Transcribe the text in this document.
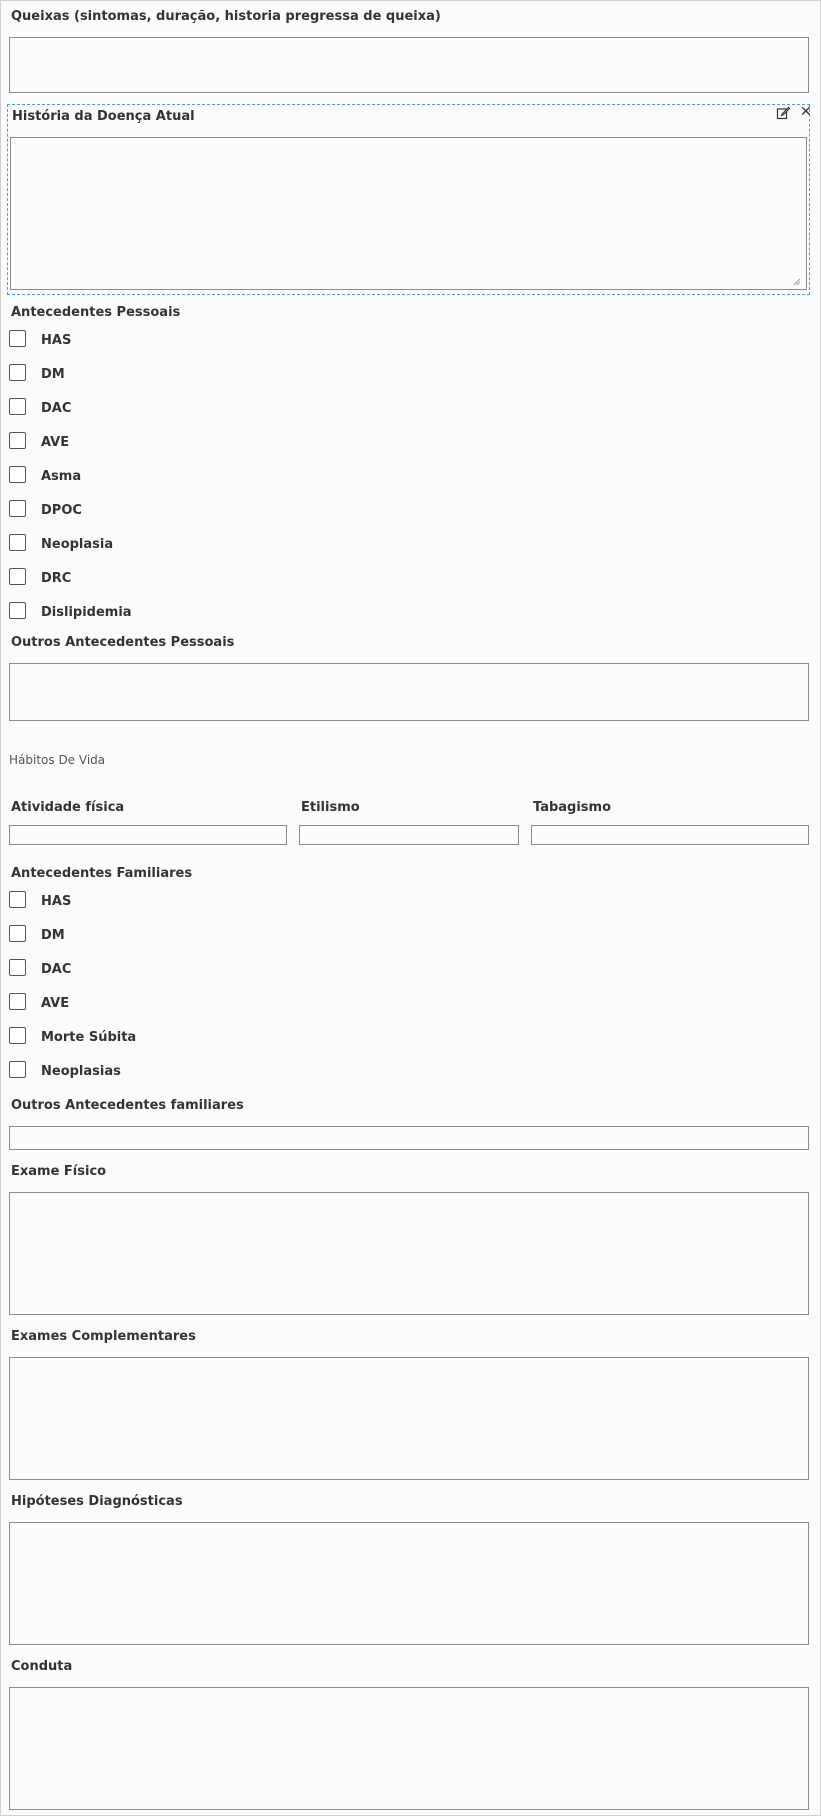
Queixas (sintomas, duração, historia pregressa de queixa)
História da Doença Atual	✕
Antecedentes Pessoais
HAS
DM
DAC
AVE
Asma
DPOC
Neoplasia
DRC
Dislipidemia
Outros Antecedentes Pessoais
Hábitos De Vida
Atividade física	Etilismo	Tabagismo
Antecedentes Familiares
HAS
DM
DAC
AVE
Morte Súbita
Neoplasias
Outros Antecedentes familiares
Exame Físico
Exames Complementares
Hipóteses Diagnósticas
Conduta
